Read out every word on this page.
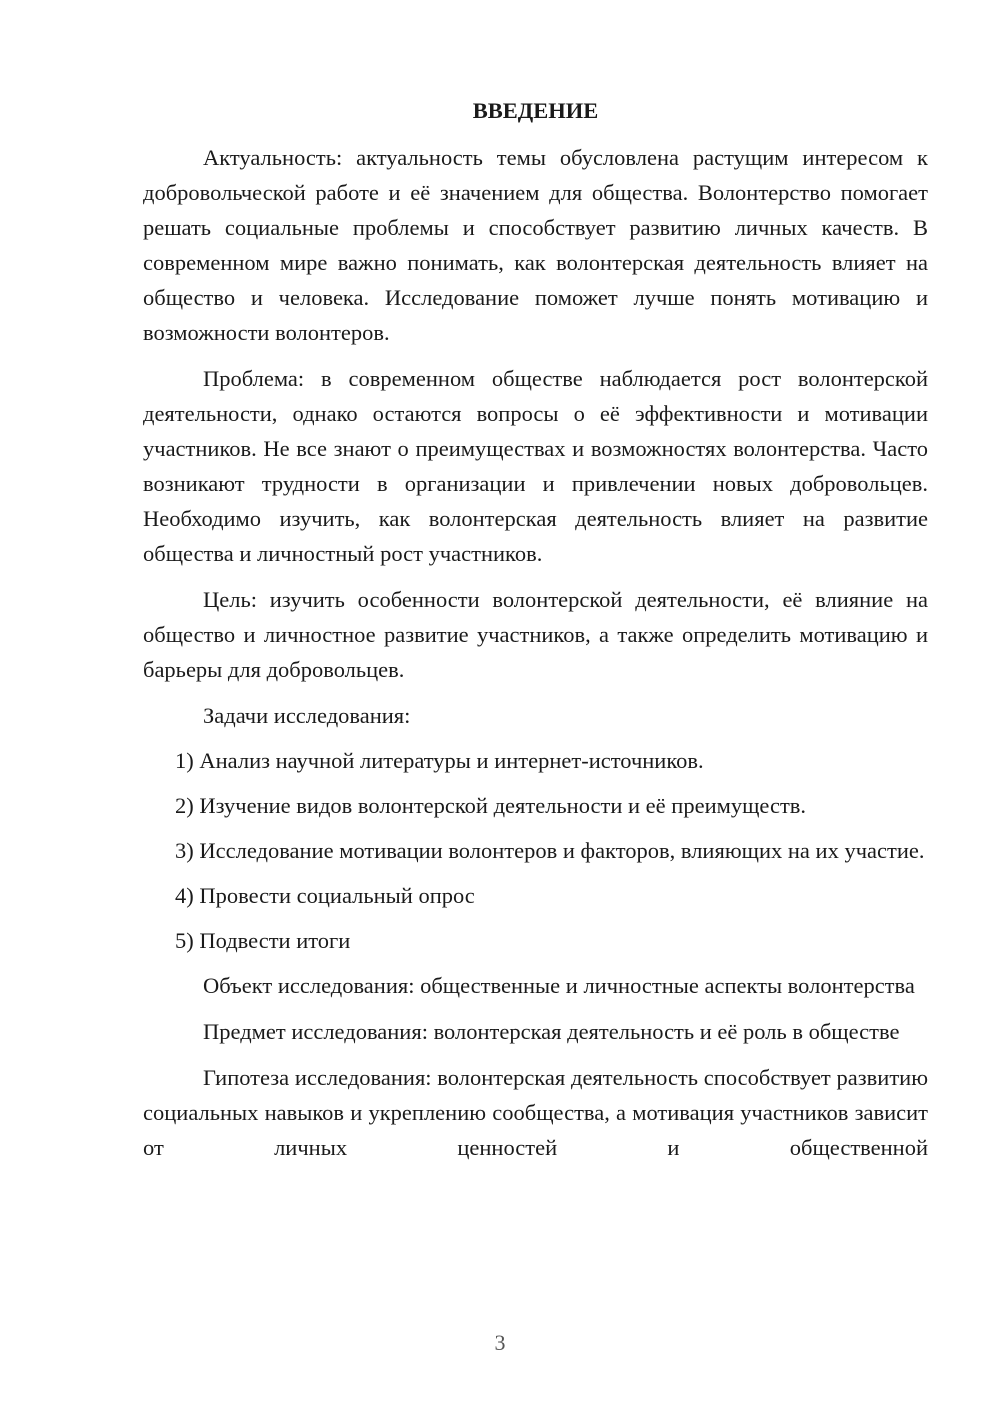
ВВЕДЕНИЕ

Актуальность: актуальность темы обусловлена растущим интересом к добровольческой работе и её значением для общества. Волонтерство помогает решать социальные проблемы и способствует развитию личных качеств. В современном мире важно понимать, как волонтерская деятельность влияет на общество и человека. Исследование поможет лучше понять мотивацию и возможности волонтеров.

Проблема: в современном обществе наблюдается рост волонтерской деятельности, однако остаются вопросы о её эффективности и мотивации участников. Не все знают о преимуществах и возможностях волонтерства. Часто возникают трудности в организации и привлечении новых добровольцев. Необходимо изучить, как волонтерская деятельность влияет на развитие общества и личностный рост участников.

Цель: изучить особенности волонтерской деятельности, её влияние на общество и личностное развитие участников, а также определить мотивацию и барьеры для добровольцев.

Задачи исследования:

1) Анализ научной литературы и интернет-источников.

2) Изучение видов волонтерской деятельности и её преимуществ.

3) Исследование мотивации волонтеров и факторов, влияющих на их участие.

4) Провести социальный опрос

5) Подвести итоги

Объект исследования: общественные и личностные аспекты волонтерства

Предмет исследования: волонтерская деятельность и её роль в обществе

Гипотеза исследования: волонтерская деятельность способствует развитию социальных навыков и укреплению сообщества, а мотивация участников зависит от личных ценностей и общественной

3
